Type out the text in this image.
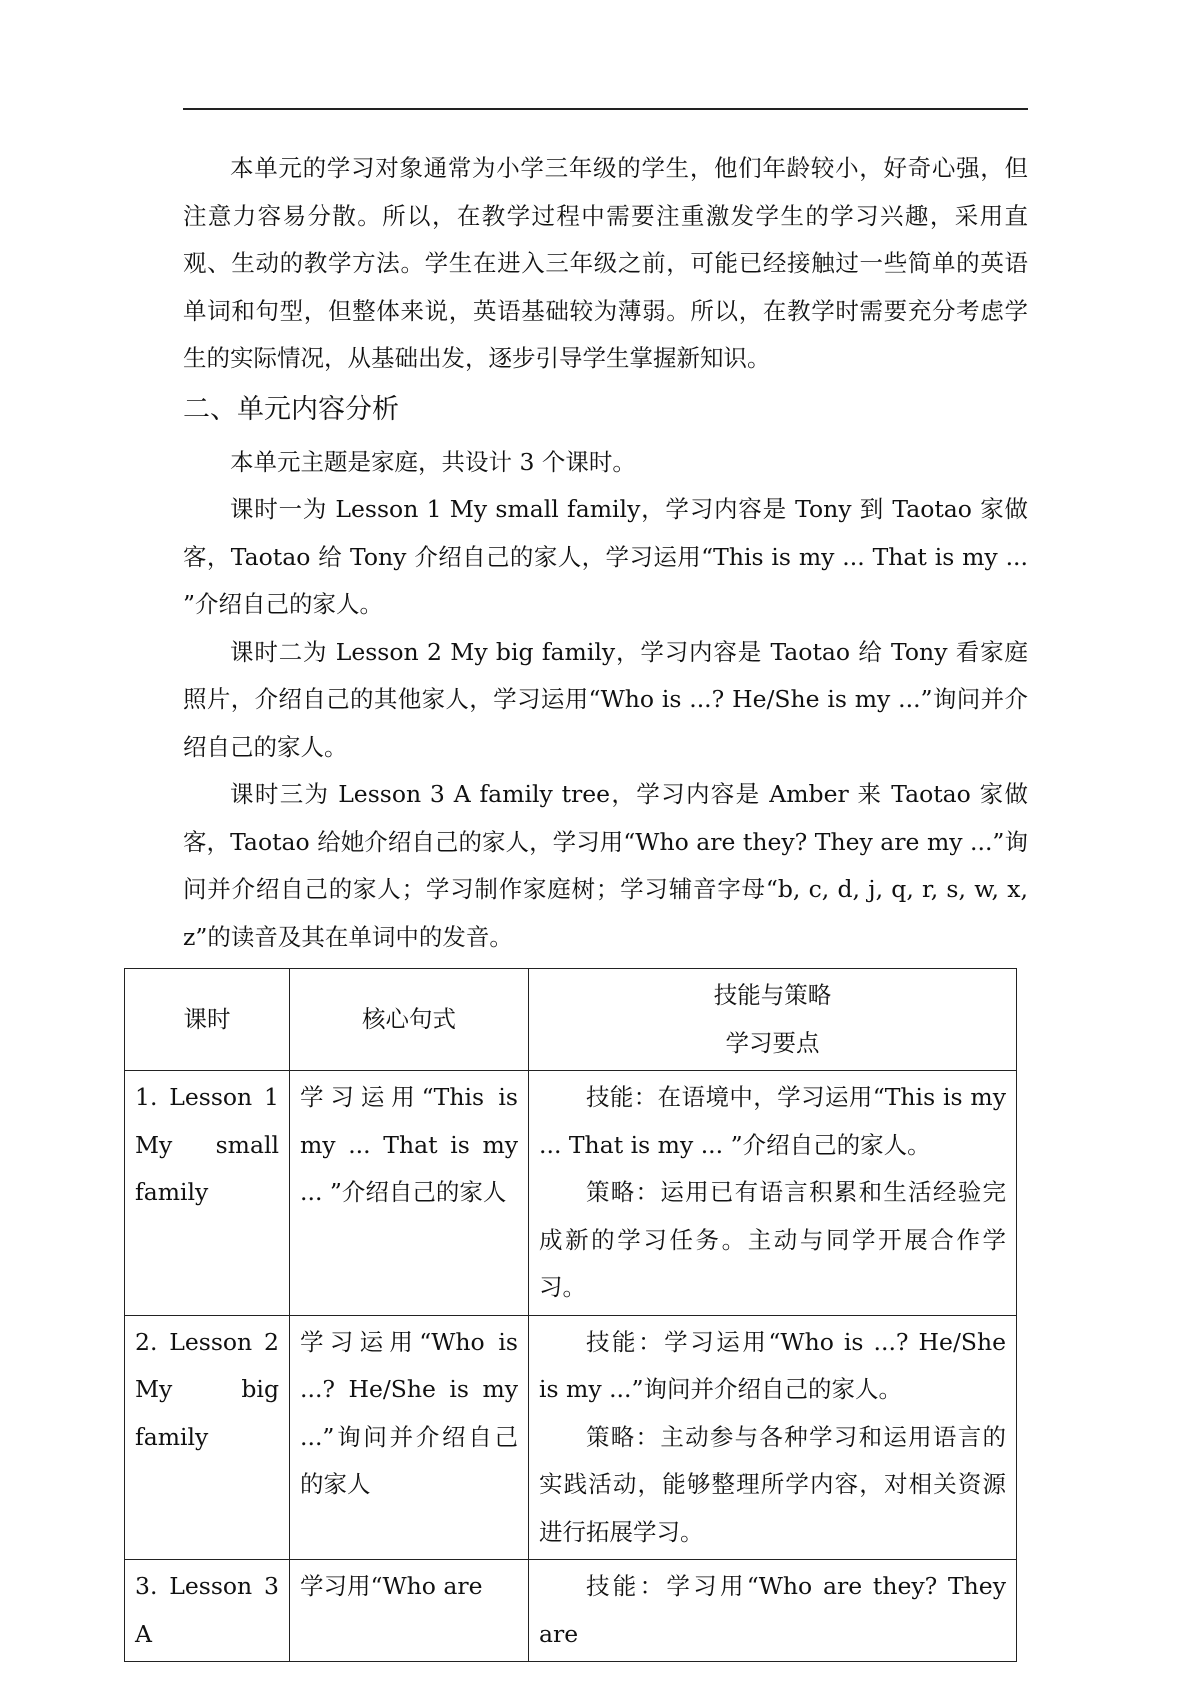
本单元的学习对象通常为小学三年级的学生，他们年龄较小，好奇心强，但注意力容易分散。所以，在教学过程中需要注重激发学生的学习兴趣，采用直观、生动的教学方法。学生在进入三年级之前，可能已经接触过一些简单的英语单词和句型，但整体来说，英语基础较为薄弱。所以，在教学时需要充分考虑学生的实际情况，从基础出发，逐步引导学生掌握新知识。

二、单元内容分析

本单元主题是家庭，共设计 3 个课时。

课时一为 Lesson 1 My small family，学习内容是 Tony 到 Taotao 家做客，Taotao 给 Tony 介绍自己的家人，学习运用“This is my ... That is my ... ”介绍自己的家人。

课时二为 Lesson 2 My big family，学习内容是 Taotao 给 Tony 看家庭照片，介绍自己的其他家人，学习运用“Who is ...? He/She is my ...”询问并介绍自己的家人。

课时三为 Lesson 3 A family tree，学习内容是 Amber 来 Taotao 家做客，Taotao 给她介绍自己的家人，学习用“Who are they? They are my ...”询问并介绍自己的家人；学习制作家庭树；学习辅音字母“b, c, d, j, q, r, s, w, x, z”的读音及其在单词中的发音。

课时	核心句式	技能与策略
学习要点

1. Lesson 1 My small family	学习运用“This is my ... That is my ... ”介绍自己的家人	技能：在语境中，学习运用“This is my ... That is my ... ”介绍自己的家人。

策略：运用已有语言积累和生活经验完成新的学习任务。主动与同学开展合作学习。

2. Lesson 2 My big family	学习运用“Who is ...? He/She is my ...”询问并介绍自己的家人	技能：学习运用“Who is ...? He/She is my ...”询问并介绍自己的家人。

策略：主动参与各种学习和运用语言的实践活动，能够整理所学内容，对相关资源进行拓展学习。

3. Lesson 3 A	学习用“Who are	技能：学习用“Who are they? They are
